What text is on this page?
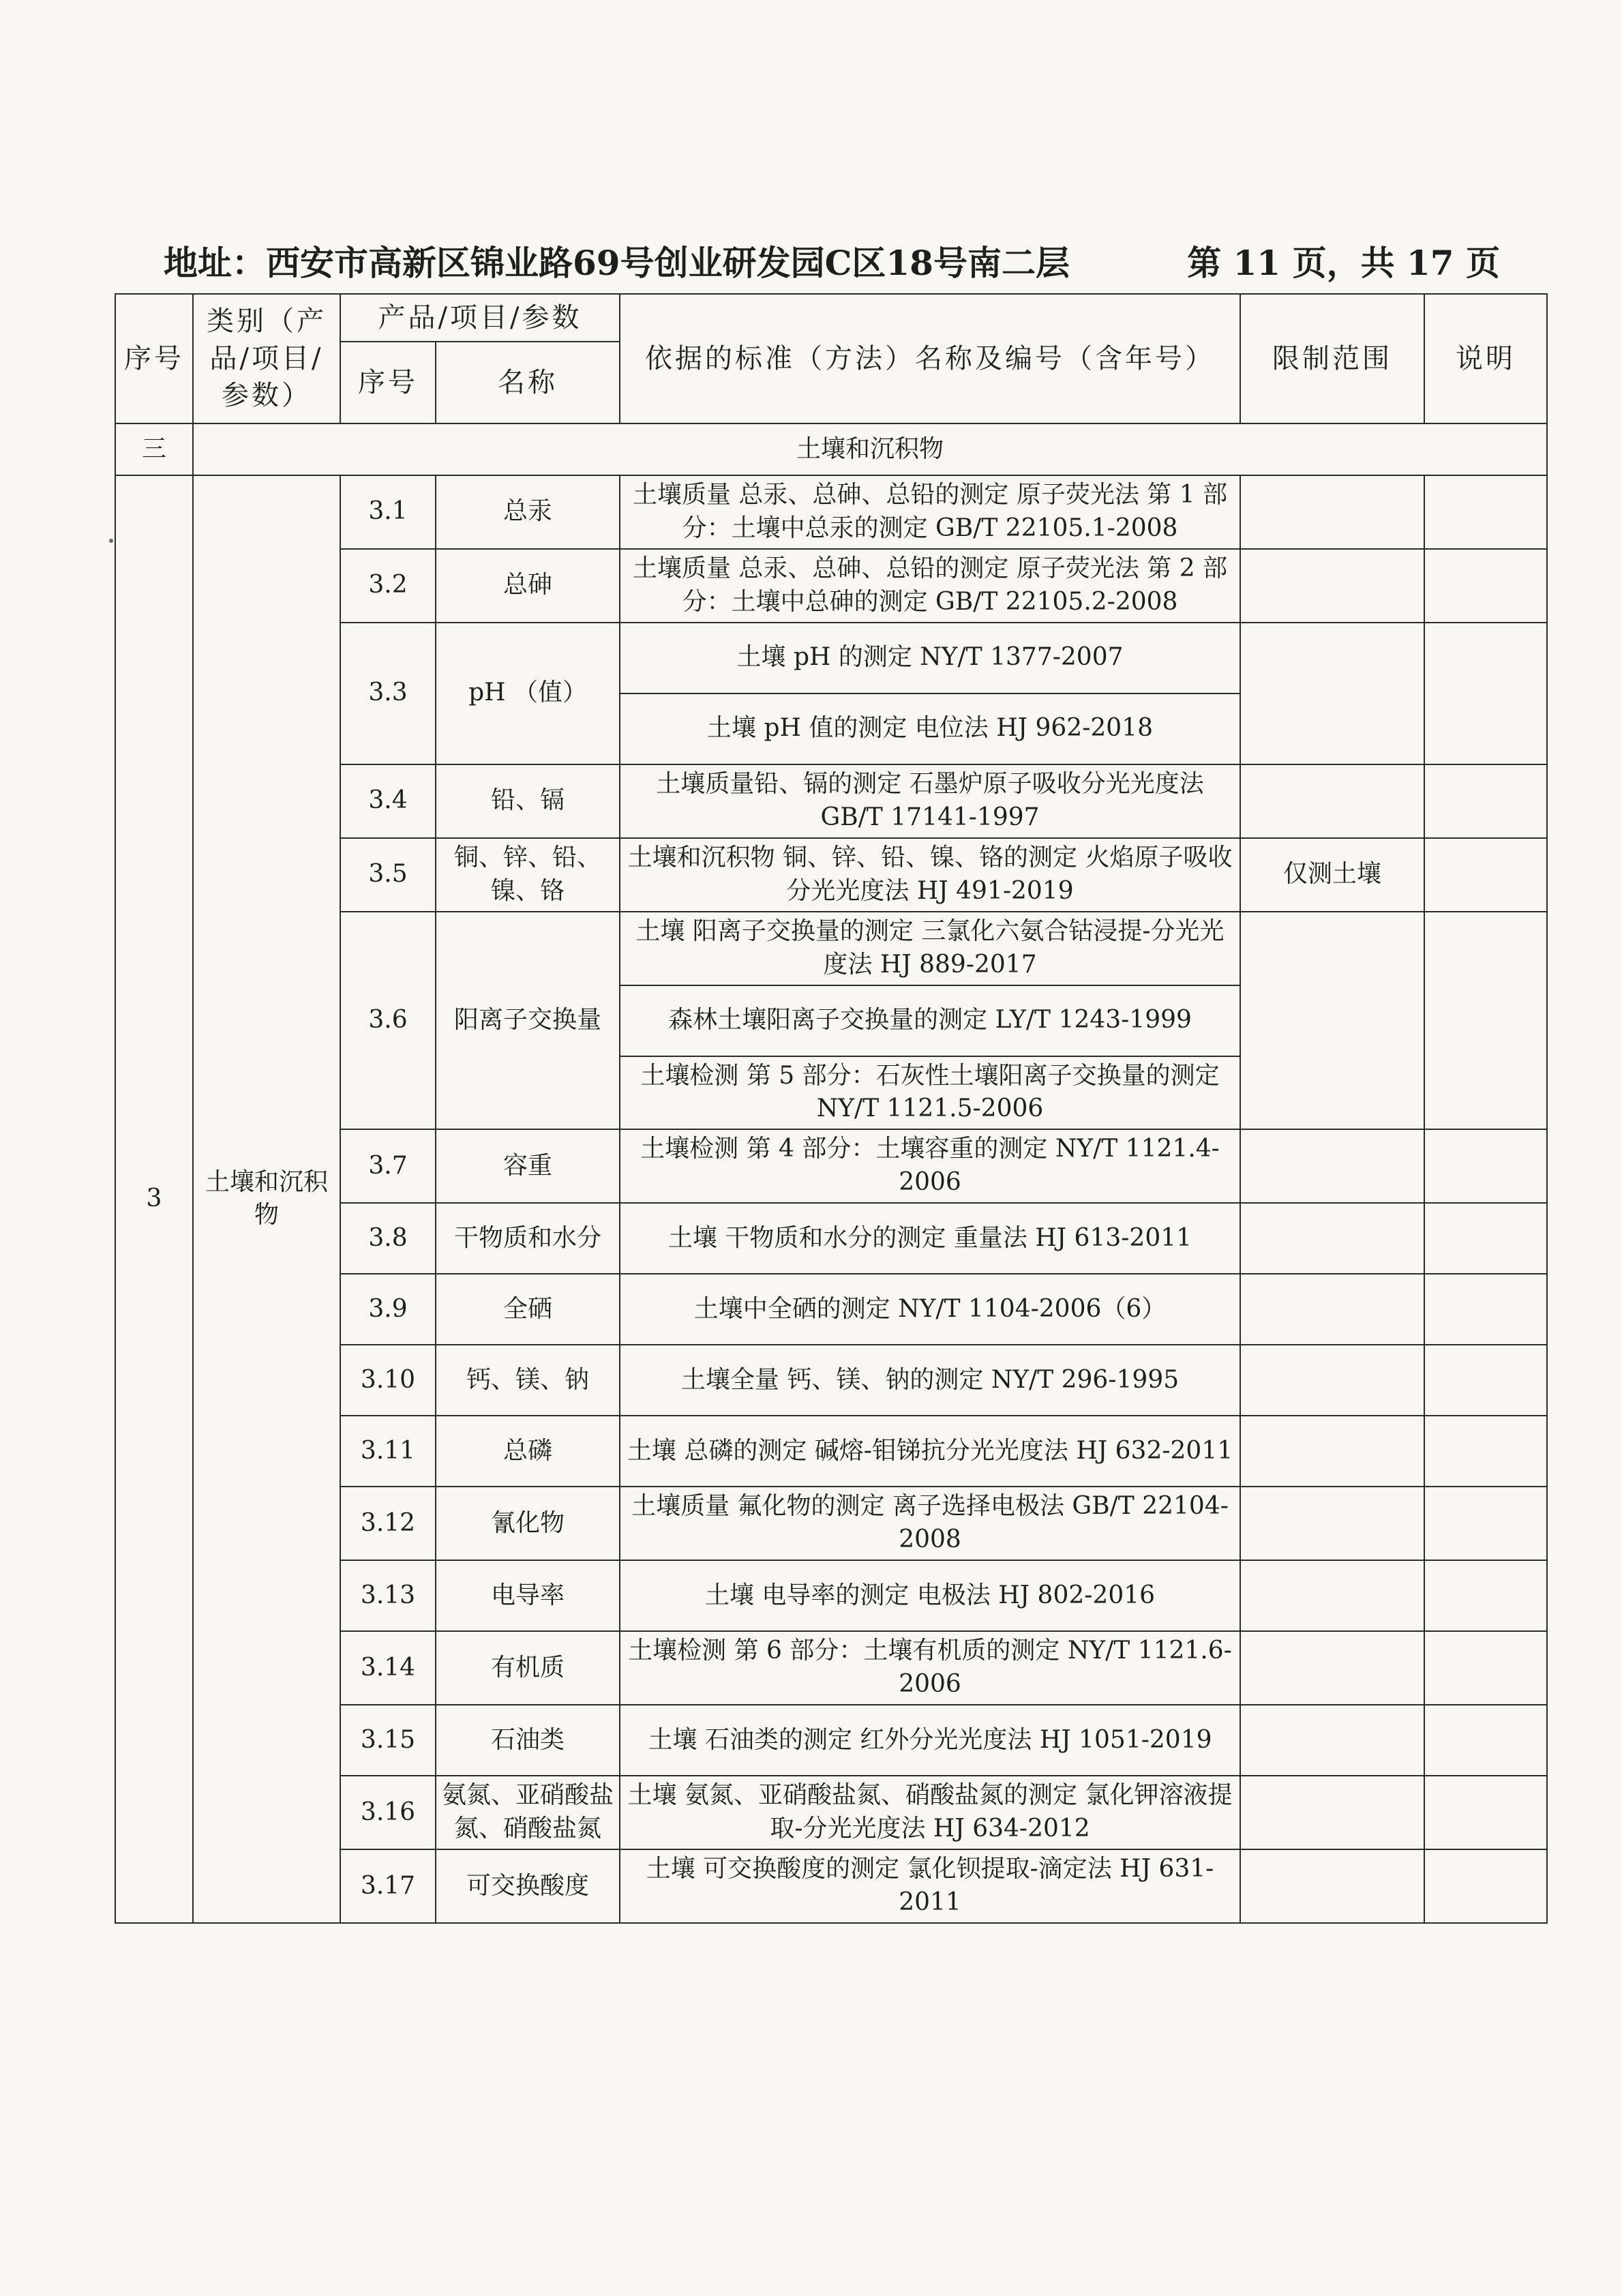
地址：西安市高新区锦业路69号创业研发园C区18号南二层	第 11 页，共 17 页
序号	类别（产品/项目/参数）	产品/项目/参数		依据的标准（方法）名称及编号（含年号）	限制范围	说明
		序号	名称			
三	土壤和沉积物					
3	土壤和沉积物	3.1	总汞	土壤质量 总汞、总砷、总铅的测定 原子荧光法 第 1 部分：土壤中总汞的测定 GB/T 22105.1-2008		
		3.2	总砷	土壤质量 总汞、总砷、总铅的测定 原子荧光法 第 2 部分：土壤中总砷的测定 GB/T 22105.2-2008		
		3.3	pH （值）	土壤 pH 的测定 NY/T 1377-2007		
				土壤 pH 值的测定 电位法 HJ 962-2018		
		3.4	铅、镉	土壤质量铅、镉的测定 石墨炉原子吸收分光光度法 GB/T 17141-1997		
		3.5	铜、锌、铅、镍、铬	土壤和沉积物 铜、锌、铅、镍、铬的测定 火焰原子吸收分光光度法 HJ 491-2019	仅测土壤	
		3.6	阳离子交换量	土壤 阳离子交换量的测定 三氯化六氨合钴浸提-分光光度法 HJ 889-2017		
				森林土壤阳离子交换量的测定 LY/T 1243-1999		
				土壤检测 第 5 部分：石灰性土壤阳离子交换量的测定 NY/T 1121.5-2006		
		3.7	容重	土壤检测 第 4 部分：土壤容重的测定 NY/T 1121.4-2006		
		3.8	干物质和水分	土壤 干物质和水分的测定 重量法 HJ 613-2011		
		3.9	全硒	土壤中全硒的测定 NY/T 1104-2006（6）		
		3.10	钙、镁、钠	土壤全量 钙、镁、钠的测定 NY/T 296-1995		
		3.11	总磷	土壤 总磷的测定 碱熔-钼锑抗分光光度法 HJ 632-2011		
		3.12	氰化物	土壤质量 氟化物的测定 离子选择电极法 GB/T 22104-2008		
		3.13	电导率	土壤 电导率的测定 电极法 HJ 802-2016		
		3.14	有机质	土壤检测 第 6 部分：土壤有机质的测定 NY/T 1121.6-2006		
		3.15	石油类	土壤 石油类的测定 红外分光光度法 HJ 1051-2019		
		3.16	氨氮、亚硝酸盐氮、硝酸盐氮	土壤 氨氮、亚硝酸盐氮、硝酸盐氮的测定 氯化钾溶液提取-分光光度法 HJ 634-2012		
		3.17	可交换酸度	土壤 可交换酸度的测定 氯化钡提取-滴定法 HJ 631-2011		
